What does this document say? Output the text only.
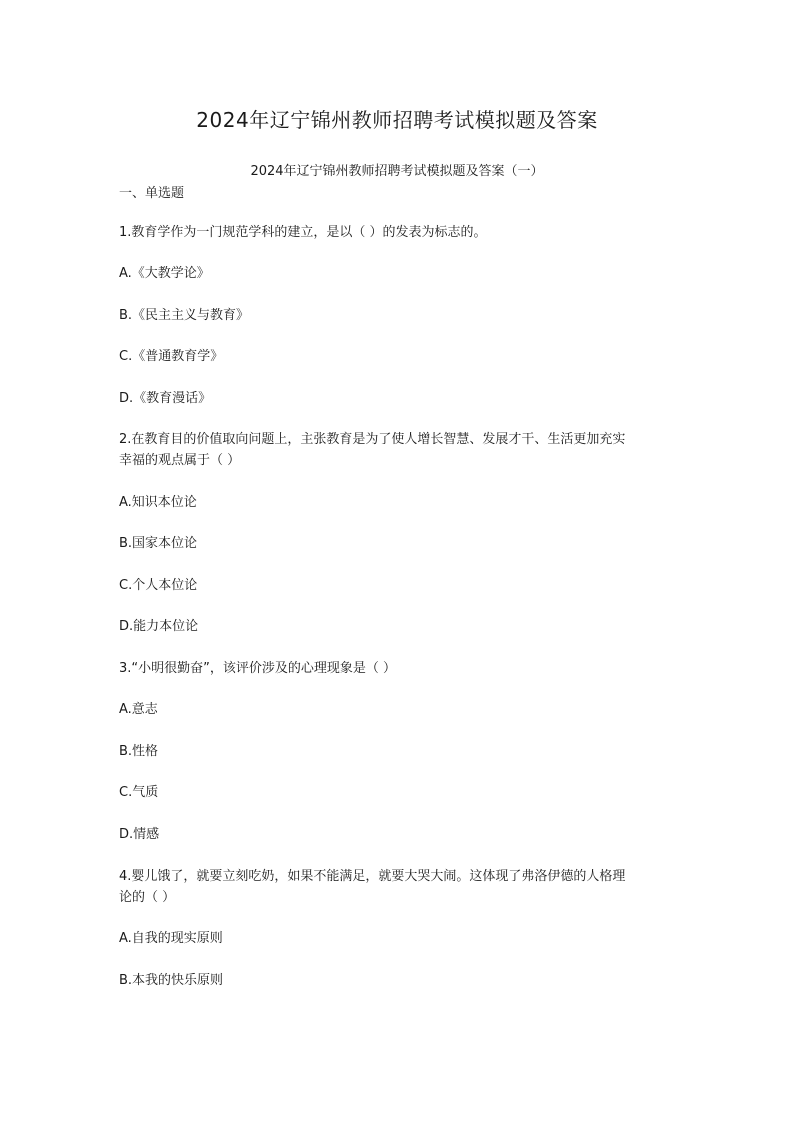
2024年辽宁锦州教师招聘考试模拟题及答案
2024年辽宁锦州教师招聘考试模拟题及答案（一）
一、单选题
1.教育学作为一门规范学科的建立，是以（ ）的发表为标志的。
A.《大教学论》
B.《民主主义与教育》
C.《普通教育学》
D.《教育漫话》
2.在教育目的价值取向问题上，主张教育是为了使人增长智慧、发展才干、生活更加充实
幸福的观点属于（ ）
A.知识本位论
B.国家本位论
C.个人本位论
D.能力本位论
3.“小明很勤奋”，该评价涉及的心理现象是（ ）
A.意志
B.性格
C.气质
D.情感
4.婴儿饿了，就要立刻吃奶，如果不能满足，就要大哭大闹。这体现了弗洛伊德的人格理
论的（ ）
A.自我的现实原则
B.本我的快乐原则
